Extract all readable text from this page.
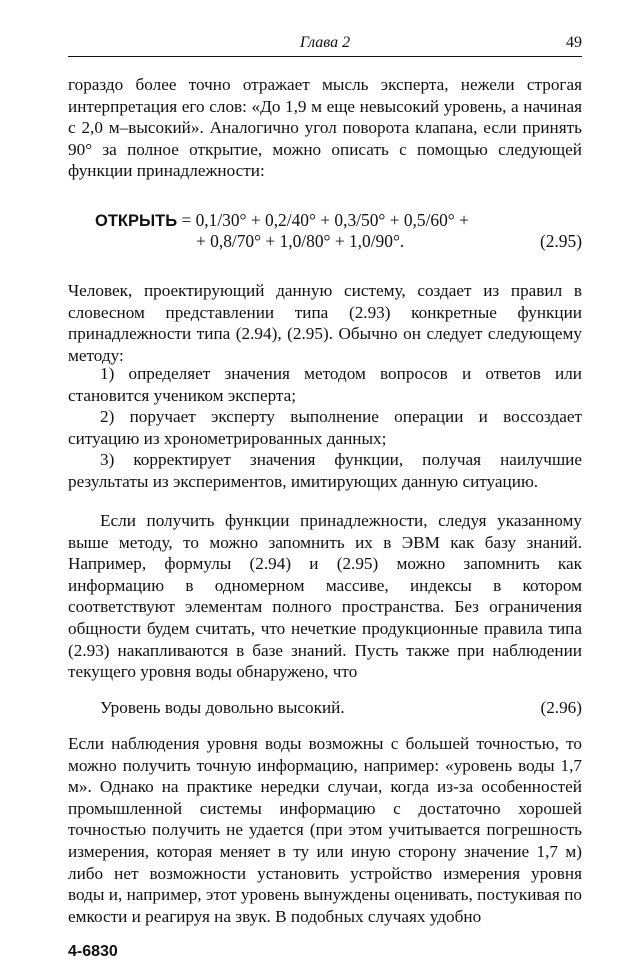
Глава 2	49

гораздо более точно отражает мысль эксперта, нежели строгая интерпретация его слов: «До 1,9 м еще невысокий уровень, а начиная с 2,0 м–высокий». Аналогично угол поворота клапана, если принять 90° за полное открытие, можно описать с помощью следующей функции принадлежности:

ОТКРЫТЬ = 0,1/30° + 0,2/40° + 0,3/50° + 0,5/60° +
+ 0,8/70° + 1,0/80° + 1,0/90°.	(2.95)

Человек, проектирующий данную систему, создает из правил в словесном представлении типа (2.93) конкретные функции принадлежности типа (2.94), (2.95). Обычно он следует следующему методу:

1) определяет значения методом вопросов и ответов или становится учеником эксперта;

2) поручает эксперту выполнение операции и воссоздает ситуацию из хронометрированных данных;

3) корректирует значения функции, получая наилучшие результаты из экспериментов, имитирующих данную ситуацию.

Если получить функции принадлежности, следуя указанному выше методу, то можно запомнить их в ЭВМ как базу знаний. Например, формулы (2.94) и (2.95) можно запомнить как информацию в одномерном массиве, индексы в котором соответствуют элементам полного пространства. Без ограничения общности будем считать, что нечеткие продукционные правила типа (2.93) накапливаются в базе знаний. Пусть также при наблюдении текущего уровня воды обнаружено, что

Уровень воды довольно высокий.	(2.96)

Если наблюдения уровня воды возможны с большей точностью, то можно получить точную информацию, например: «уровень воды 1,7 м». Однако на практике нередки случаи, когда из-за особенностей промышленной системы информацию с достаточно хорошей точностью получить не удается (при этом учитывается погрешность измерения, которая меняет в ту или иную сторону значение 1,7 м) либо нет возможности установить устройство измерения уровня воды и, например, этот уровень вынуждены оценивать, постукивая по емкости и реагируя на звук. В подобных случаях удобно

4-6830
